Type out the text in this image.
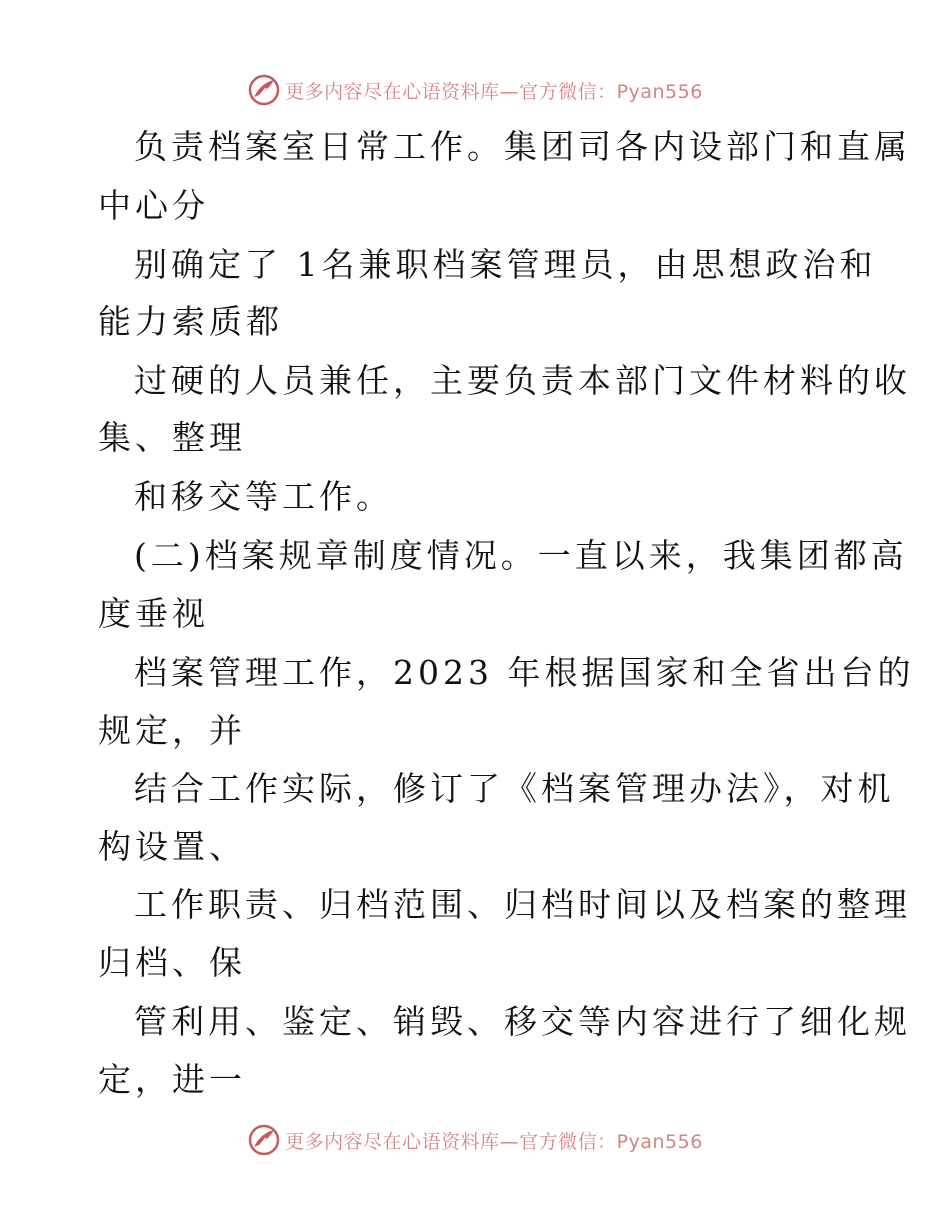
更多内容尽在心语资料库—官方微信：Pyan556
负责档案室日常工作。集团司各内设部门和直属
中心分
别确定了 1名兼职档案管理员，由思想政治和
能力索质都
过硬的人员兼任，主要负责本部门文件材料的收
集、整理
和移交等工作。
(二)档案规章制度情况。一直以来，我集团都高
度垂视
档案管理工作，2023 年根据国家和全省出台的
规定，并
结合工作实际，修订了《档案管理办法》，对机
构设置、
工作职责、归档范围、归档时间以及档案的整理
归档、保
管利用、鉴定、销毁、移交等内容进行了细化规
定，进一
更多内容尽在心语资料库—官方微信：Pyan556
